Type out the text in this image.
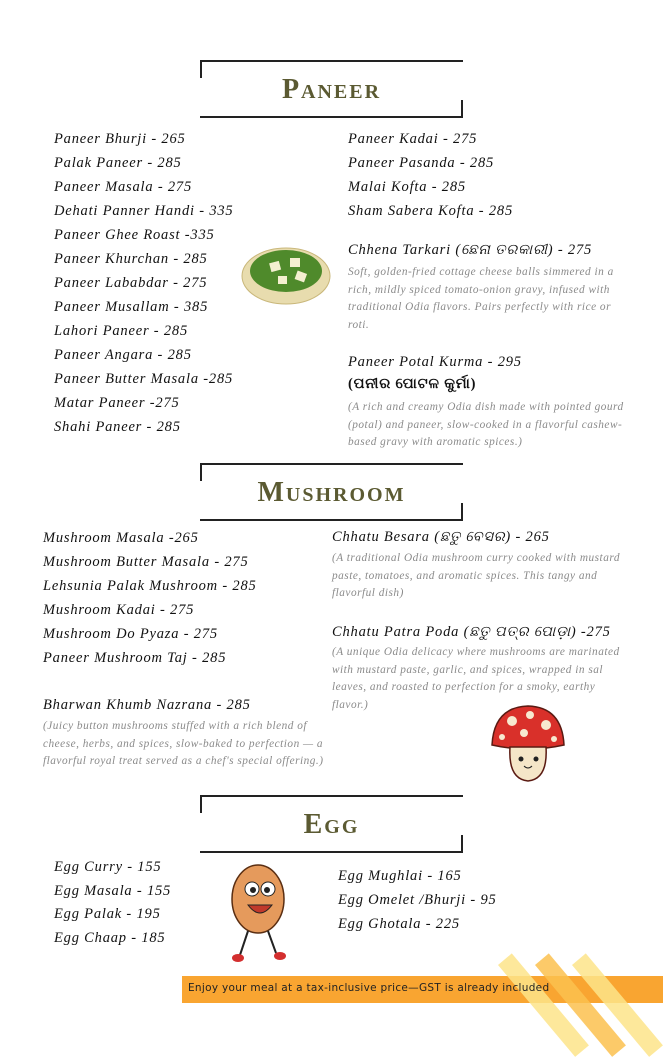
Paneer
Paneer Bhurji - 265
Palak Paneer - 285
Paneer Masala - 275
Dehati Panner Handi - 335
Paneer Ghee Roast -335
Paneer Khurchan - 285
Paneer Lababdar - 275
Paneer Musallam - 385
Lahori Paneer - 285
Paneer Angara - 285
Paneer Butter Masala -285
Matar Paneer -275
Shahi Paneer - 285
Paneer Kadai - 275
Paneer Pasanda - 285
Malai Kofta - 285
Sham Sabera Kofta - 285
Chhena Tarkari (ଛେନା ତରକାରୀ) - 275
Soft, golden-fried cottage cheese balls simmered in a rich, mildly spiced tomato-onion gravy, infused with traditional Odia flavors. Pairs perfectly with rice or roti.
Paneer Potal Kurma - 295
(ପନୀର ପୋଟଳ କୁର୍ମା)
(A rich and creamy Odia dish made with pointed gourd (potal) and paneer, slow-cooked in a flavorful cashew-based gravy with aromatic spices.)
Mushroom
Mushroom Masala -265
Mushroom Butter Masala - 275
Lehsunia Palak Mushroom - 285
Mushroom Kadai - 275
Mushroom Do Pyaza - 275
Paneer Mushroom Taj - 285
Bharwan Khumb Nazrana - 285
(Juicy button mushrooms stuffed with a rich blend of cheese, herbs, and spices, slow-baked to perfection — a flavorful royal treat served as a chef's special offering.)
Chhatu Besara (ଛତୁ ବେସର) - 265
(A traditional Odia mushroom curry cooked with mustard paste, tomatoes, and aromatic spices. This tangy and flavorful dish)
Chhatu Patra Poda (ଛତୁ ପତ୍ର ପୋଡ଼ା) -275
(A unique Odia delicacy where mushrooms are marinated with mustard paste, garlic, and spices, wrapped in sal leaves, and roasted to perfection for a smoky, earthy flavor.)
Egg
Egg Curry - 155
Egg Masala - 155
Egg Palak - 195
Egg Chaap - 185
Egg Mughlai - 165
Egg Omelet /Bhurji - 95
Egg Ghotala - 225
Enjoy your meal at a tax-inclusive price—GST is already included
